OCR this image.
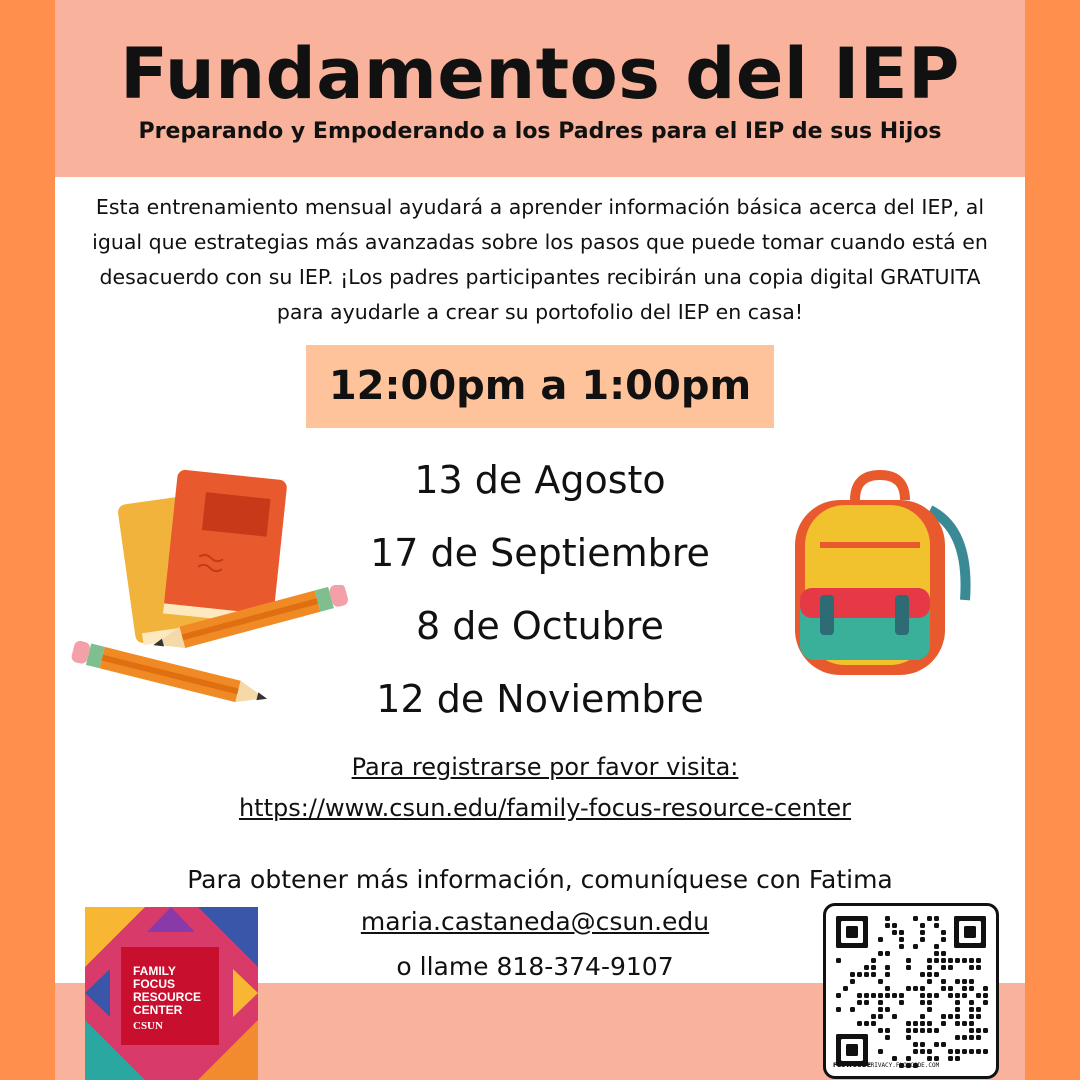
Fundamentos del IEP
Preparando y Empoderando a los Padres para el IEP de sus Hijos
Esta entrenamiento mensual ayudará a aprender información básica acerca del IEP, al igual que estrategias más avanzadas sobre los pasos que puede tomar cuando está en desacuerdo con su IEP. ¡Los padres participantes recibirán una copia digital GRATUITA para ayudarle a crear su portofolio del IEP en casa!
12:00pm a 1:00pm
13 de Agosto
17 de Septiembre
8 de Octubre
12 de Noviembre
Para registrarse por favor visita:
https://www.csun.edu/family-focus-resource-center
Para obtener más información, comuníquese con Fatima
maria.castaneda@csun.edu
o llame 818-374-9107
FAMILY
FOCUS
RESOURCE
CENTER
CSUN
PRIVACY.FLOWCODE.COM
FLOWCODE
